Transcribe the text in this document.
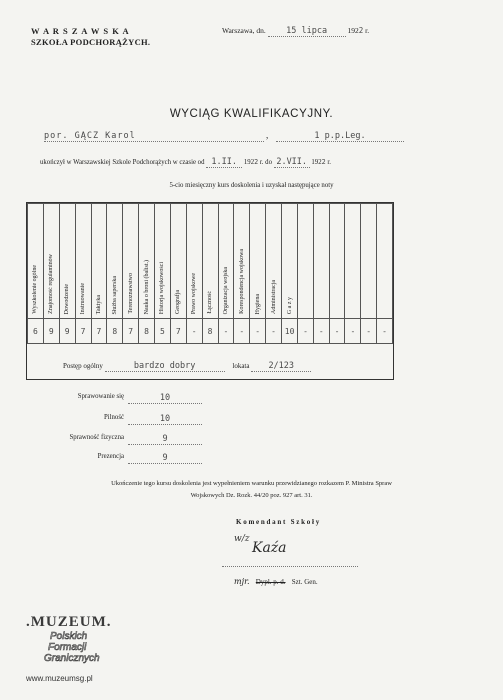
W A R S Z A W S K A
SZKOŁA PODCHORĄŻYCH.
Warszawa, dn. 15 lipca	1922 r.
WYCIĄG KWALIFIKACYJNY.
por. GĄCZ Karol	,	1 p.p.Leg.
ukończył w Warszawskiej Szkole Podchorążych w czasie od 1.II. 1922 r. do 2.VII. 1922 r.
5-cio miesięczny kurs doskolenia i uzyskał następujące noty
Wyszkolenie ogólne	Znajomość regulaminów	Dowodzenie	Instruowanie	Taktyka	Służba saperska	Terenoznawstwo	Nauka o broni (balist.)	Historja wojskowości	Geografja	Prawo wojskowe	Łączność	Organizacja wojska	Korespondencja wojskowa	Hygiena	Administracja	G a z y						

6	9	9	7	7	8	7	8	5	7	-	8	-	-	-	-	10	-	-	-	-	-	-
Postęp ogólny	bardzo dobry	lokata 2/123
Sprawowanie się	10
Pilność	10
Sprawność fizyczna	9
Prezencja	9
Ukończenie tego kursu doskolenia jest wypełnieniem warunku przewidzianego rozkazem P. Ministra Spraw
Wojskowych Dz. Rozk. 44/20 poz. 927 art. 31.
K o m e n d a n t   S z k o ł y
w/z
Kaźa
mjr. Dypl. p. d. Szt. Gen.
.MUZEUM.
Polskich
Formacji
Granicznych
www.muzeumsg.pl
